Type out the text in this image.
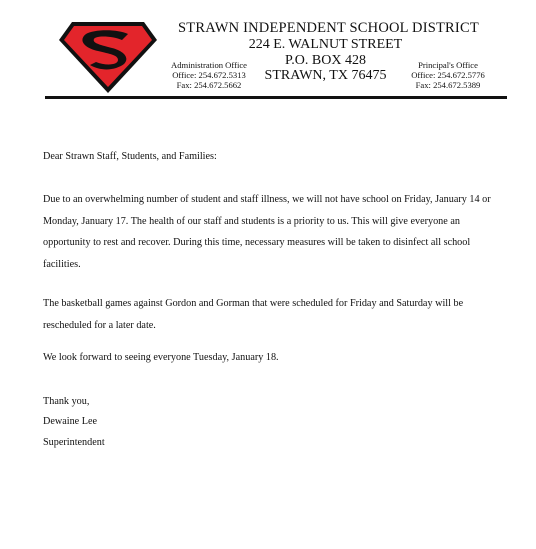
STRAWN INDEPENDENT SCHOOL DISTRICT
224 E. WALNUT STREET
P.O. BOX 428
STRAWN, TX 76475
Administration Office
Office: 254.672.5313
Fax: 254.672.5662
Principal's Office
Office: 254.672.5776
Fax: 254.672.5389
Dear Strawn Staff, Students, and Families:
Due to an overwhelming number of student and staff illness, we will not have school on Friday, January 14 or
Monday, January 17. The health of our staff and students is a priority to us. This will give everyone an
opportunity to rest and recover. During this time, necessary measures will be taken to disinfect all school
facilities.
The basketball games against Gordon and Gorman that were scheduled for Friday and Saturday will be
rescheduled for a later date.
We look forward to seeing everyone Tuesday, January 18.
Thank you,
Dewaine Lee
Superintendent
